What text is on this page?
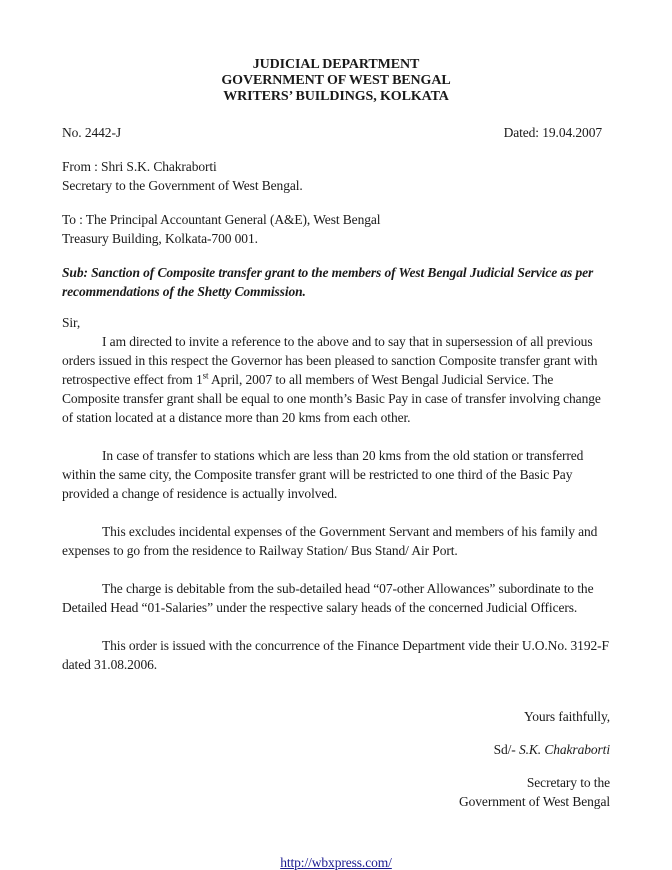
JUDICIAL DEPARTMENT
GOVERNMENT OF WEST BENGAL
WRITERS’ BUILDINGS, KOLKATA
No. 2442-J	Dated: 19.04.2007
From : Shri S.K. Chakraborti
Secretary to the Government of West Bengal.
To : The Principal Accountant General (A&E), West Bengal
Treasury Building, Kolkata-700 001.
Sub: Sanction of Composite transfer grant to the members of West Bengal Judicial Service as per recommendations of the Shetty Commission.
Sir,

I am directed to invite a reference to the above and to say that in supersession of all previous orders issued in this respect the Governor has been pleased to sanction Composite transfer grant with retrospective effect from 1st April, 2007 to all members of West Bengal Judicial Service. The Composite transfer grant shall be equal to one month’s Basic Pay in case of transfer involving change of station located at a distance more than 20 kms from each other.

In case of transfer to stations which are less than 20 kms from the old station or transferred within the same city, the Composite transfer grant will be restricted to one third of the Basic Pay provided a change of residence is actually involved.

This excludes incidental expenses of the Government Servant and members of his family and expenses to go from the residence to Railway Station/ Bus Stand/ Air Port.

The charge is debitable from the sub-detailed head “07-other Allowances” subordinate to the Detailed Head “01-Salaries” under the respective salary heads of the concerned Judicial Officers.

This order is issued with the concurrence of the Finance Department vide their U.O.No. 3192-F dated 31.08.2006.

Yours faithfully,
Sd/- S.K. Chakraborti
Secretary to the
Government of West Bengal
http://wbxpress.com/
